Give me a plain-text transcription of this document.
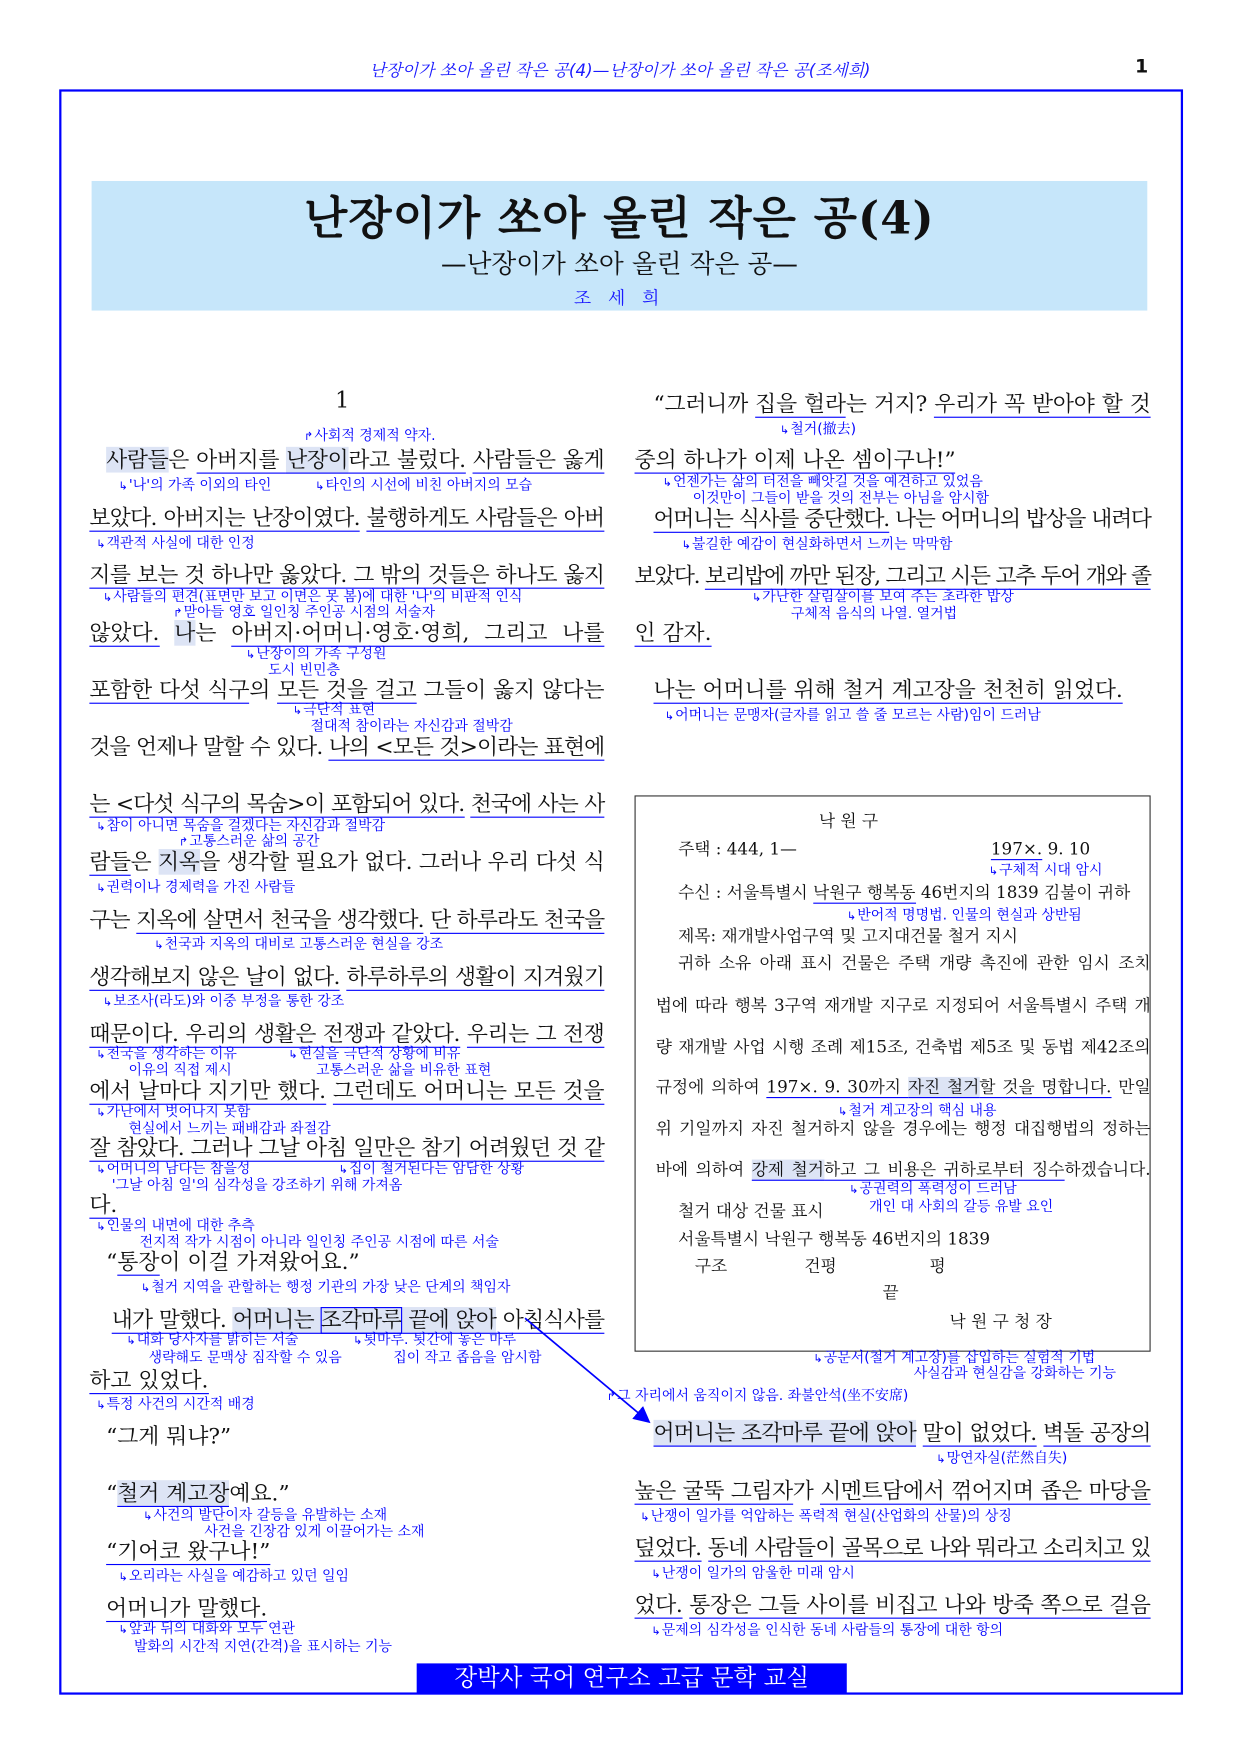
난장이가 쏘아 올린 작은 공(4)—난장이가 쏘아 올린 작은 공(조세희)	1
난장이가 쏘아 올린 작은 공(4)
—난장이가 쏘아 올린 작은 공—
조 세 희
1
사람들은 아버지를 난장이라고 불렀다. 사람들은 옳게
보았다. 아버지는 난장이였다. 불행하게도 사람들은 아버
지를 보는 것 하나만 옳았다. 그 밖의 것들은 하나도 옳지
않았다. 나는 아버지·어머니·영호·영희, 그리고 나를
포함한 다섯 식구의 모든 것을 걸고 그들이 옳지 않다는
것을 언제나 말할 수 있다. 나의 <모든 것>이라는 표현에
는 <다섯 식구의 목숨>이 포함되어 있다. 천국에 사는 사
람들은 지옥을 생각할 필요가 없다. 그러나 우리 다섯 식
구는 지옥에 살면서 천국을 생각했다. 단 하루라도 천국을
생각해보지 않은 날이 없다. 하루하루의 생활이 지겨웠기
때문이다. 우리의 생활은 전쟁과 같았다. 우리는 그 전쟁
에서 날마다 지기만 했다. 그런데도 어머니는 모든 것을
잘 참았다. 그러나 그날 아침 일만은 참기 어려웠던 것 같
다.
“통장이 이걸 가져왔어요.”
내가 말했다. 어머니는 조각마루 끝에 앉아 아침식사를
하고 있었다.
“그게 뭐냐?”
“철거 계고장예요.”
“기어코 왔구나!”
어머니가 말했다.
“그러니까 집을 헐라는 거지? 우리가 꼭 받아야 할 것
중의 하나가 이제 나온 셈이구나!”
어머니는 식사를 중단했다. 나는 어머니의 밥상을 내려다
보았다. 보리밥에 까만 된장, 그리고 시든 고추 두어 개와 졸
인 감자.
나는 어머니를 위해 철거 계고장을 천천히 읽었다.
어머니는 조각마루 끝에 앉아 말이 없었다. 벽돌 공장의
높은 굴뚝 그림자가 시멘트담에서 꺾어지며 좁은 마당을
덮었다. 동네 사람들이 골목으로 나와 뭐라고 소리치고 있
었다. 통장은 그들 사이를 비집고 나와 방죽 쪽으로 걸음
낙 원 구
주택 : 444, 1—	197×. 9. 10
수신 : 서울특별시 낙원구 행복동 46번지의 1839 김불이 귀하
제목: 재개발사업구역 및 고지대건물 철거 지시
귀하 소유 아래 표시 건물은 주택 개량 촉진에 관한 임시 조치
법에 따라 행복 3구역 재개발 지구로 지정되어 서울특별시 주택 개
량 재개발 사업 시행 조례 제15조, 건축법 제5조 및 동법 제42조의
규정에 의하여 197×. 9. 30까지 자진 철거할 것을 명합니다. 만일
위 기일까지 자진 철거하지 않을 경우에는 행정 대집행법의 정하는
바에 의하여 강제 철거하고 그 비용은 귀하로부터 징수하겠습니다.
철거 대상 건물 표시
서울특별시 낙원구 행복동 46번지의 1839
구조	건평	평
끝
낙 원 구 청 장
↱사회적 경제적 약자.
↳'나'의 가족 이외의 타인	↳타인의 시선에 비친 아버지의 모습
↳객관적 사실에 대한 인정
↳사람들의 편견(표면만 보고 이면은 못 봄)에 대한 '나'의 비판적 인식
↱맏아들 영호 일인칭 주인공 시점의 서술자
↳난장이의 가족 구성원
도시 빈민층
↳극단적 표현
절대적 참이라는 자신감과 절박감
↳참이 아니면 목숨을 걸겠다는 자신감과 절박감
↱고통스러운 삶의 공간
↳권력이나 경제력을 가진 사람들
↳천국과 지옥의 대비로 고통스러운 현실을 강조
↳보조사(라도)와 이중 부정을 통한 강조
↳천국을 생각하는 이유	↳현실을 극단적 상황에 비유
이유의 직접 제시	고통스러운 삶을 비유한 표현
↳가난에서 벗어나지 못함
현실에서 느끼는 패배감과 좌절감
↳어머니의 남다는 참을성	↳집이 철거된다는 암담한 상황
'그날 아침 일'의 심각성을 강조하기 위해 가져옴
↳인물의 내면에 대한 추측
전지적 작가 시점이 아니라 일인칭 주인공 시점에 따른 서술
↳철거 지역을 관할하는 행정 기관의 가장 낮은 단계의 책임자
↳대화 당사자를 밝히는 서술	↳툇마루. 툇간에 놓은 마루
생략해도 문맥상 짐작할 수 있음	집이 작고 좁음을 암시함
↳특정 사건의 시간적 배경
↳사건의 발단이자 갈등을 유발하는 소재
사건을 긴장감 있게 이끌어가는 소재
↳오리라는 사실을 예감하고 있던 일임
↳앞과 뒤의 대화와 모두 연관
발화의 시간적 지연(간격)을 표시하는 기능
↳철거(撤去)
↳언젠가는 삶의 터전을 빼앗길 것을 예견하고 있었음
이것만이 그들이 받을 것의 전부는 아님을 암시함
↳불길한 예감이 현실화하면서 느끼는 막막함
↳가난한 살림살이를 보여 주는 초라한 밥상
구체적 음식의 나열. 열거법
↳어머니는 문맹자(글자를 읽고 쓸 줄 모르는 사람)임이 드러남
↳구체적 시대 암시
↳반어적 명명법. 인물의 현실과 상반됨
↳철거 계고장의 핵심 내용
↳공권력의 폭력성이 드러남
개인 대 사회의 갈등 유발 요인
↳공문서(철거 계고장)를 삽입하는 실험적 기법
사실감과 현실감을 강화하는 기능
↱그 자리에서 움직이지 않음. 좌불안석(坐不安席)
↳망연자실(茫然自失)
↳난쟁이 일가를 억압하는 폭력적 현실(산업화의 산물)의 상징
↳난쟁이 일가의 암울한 미래 암시
↳문제의 심각성을 인식한 동네 사람들의 통장에 대한 항의
장박사 국어 연구소 고급 문학 교실
